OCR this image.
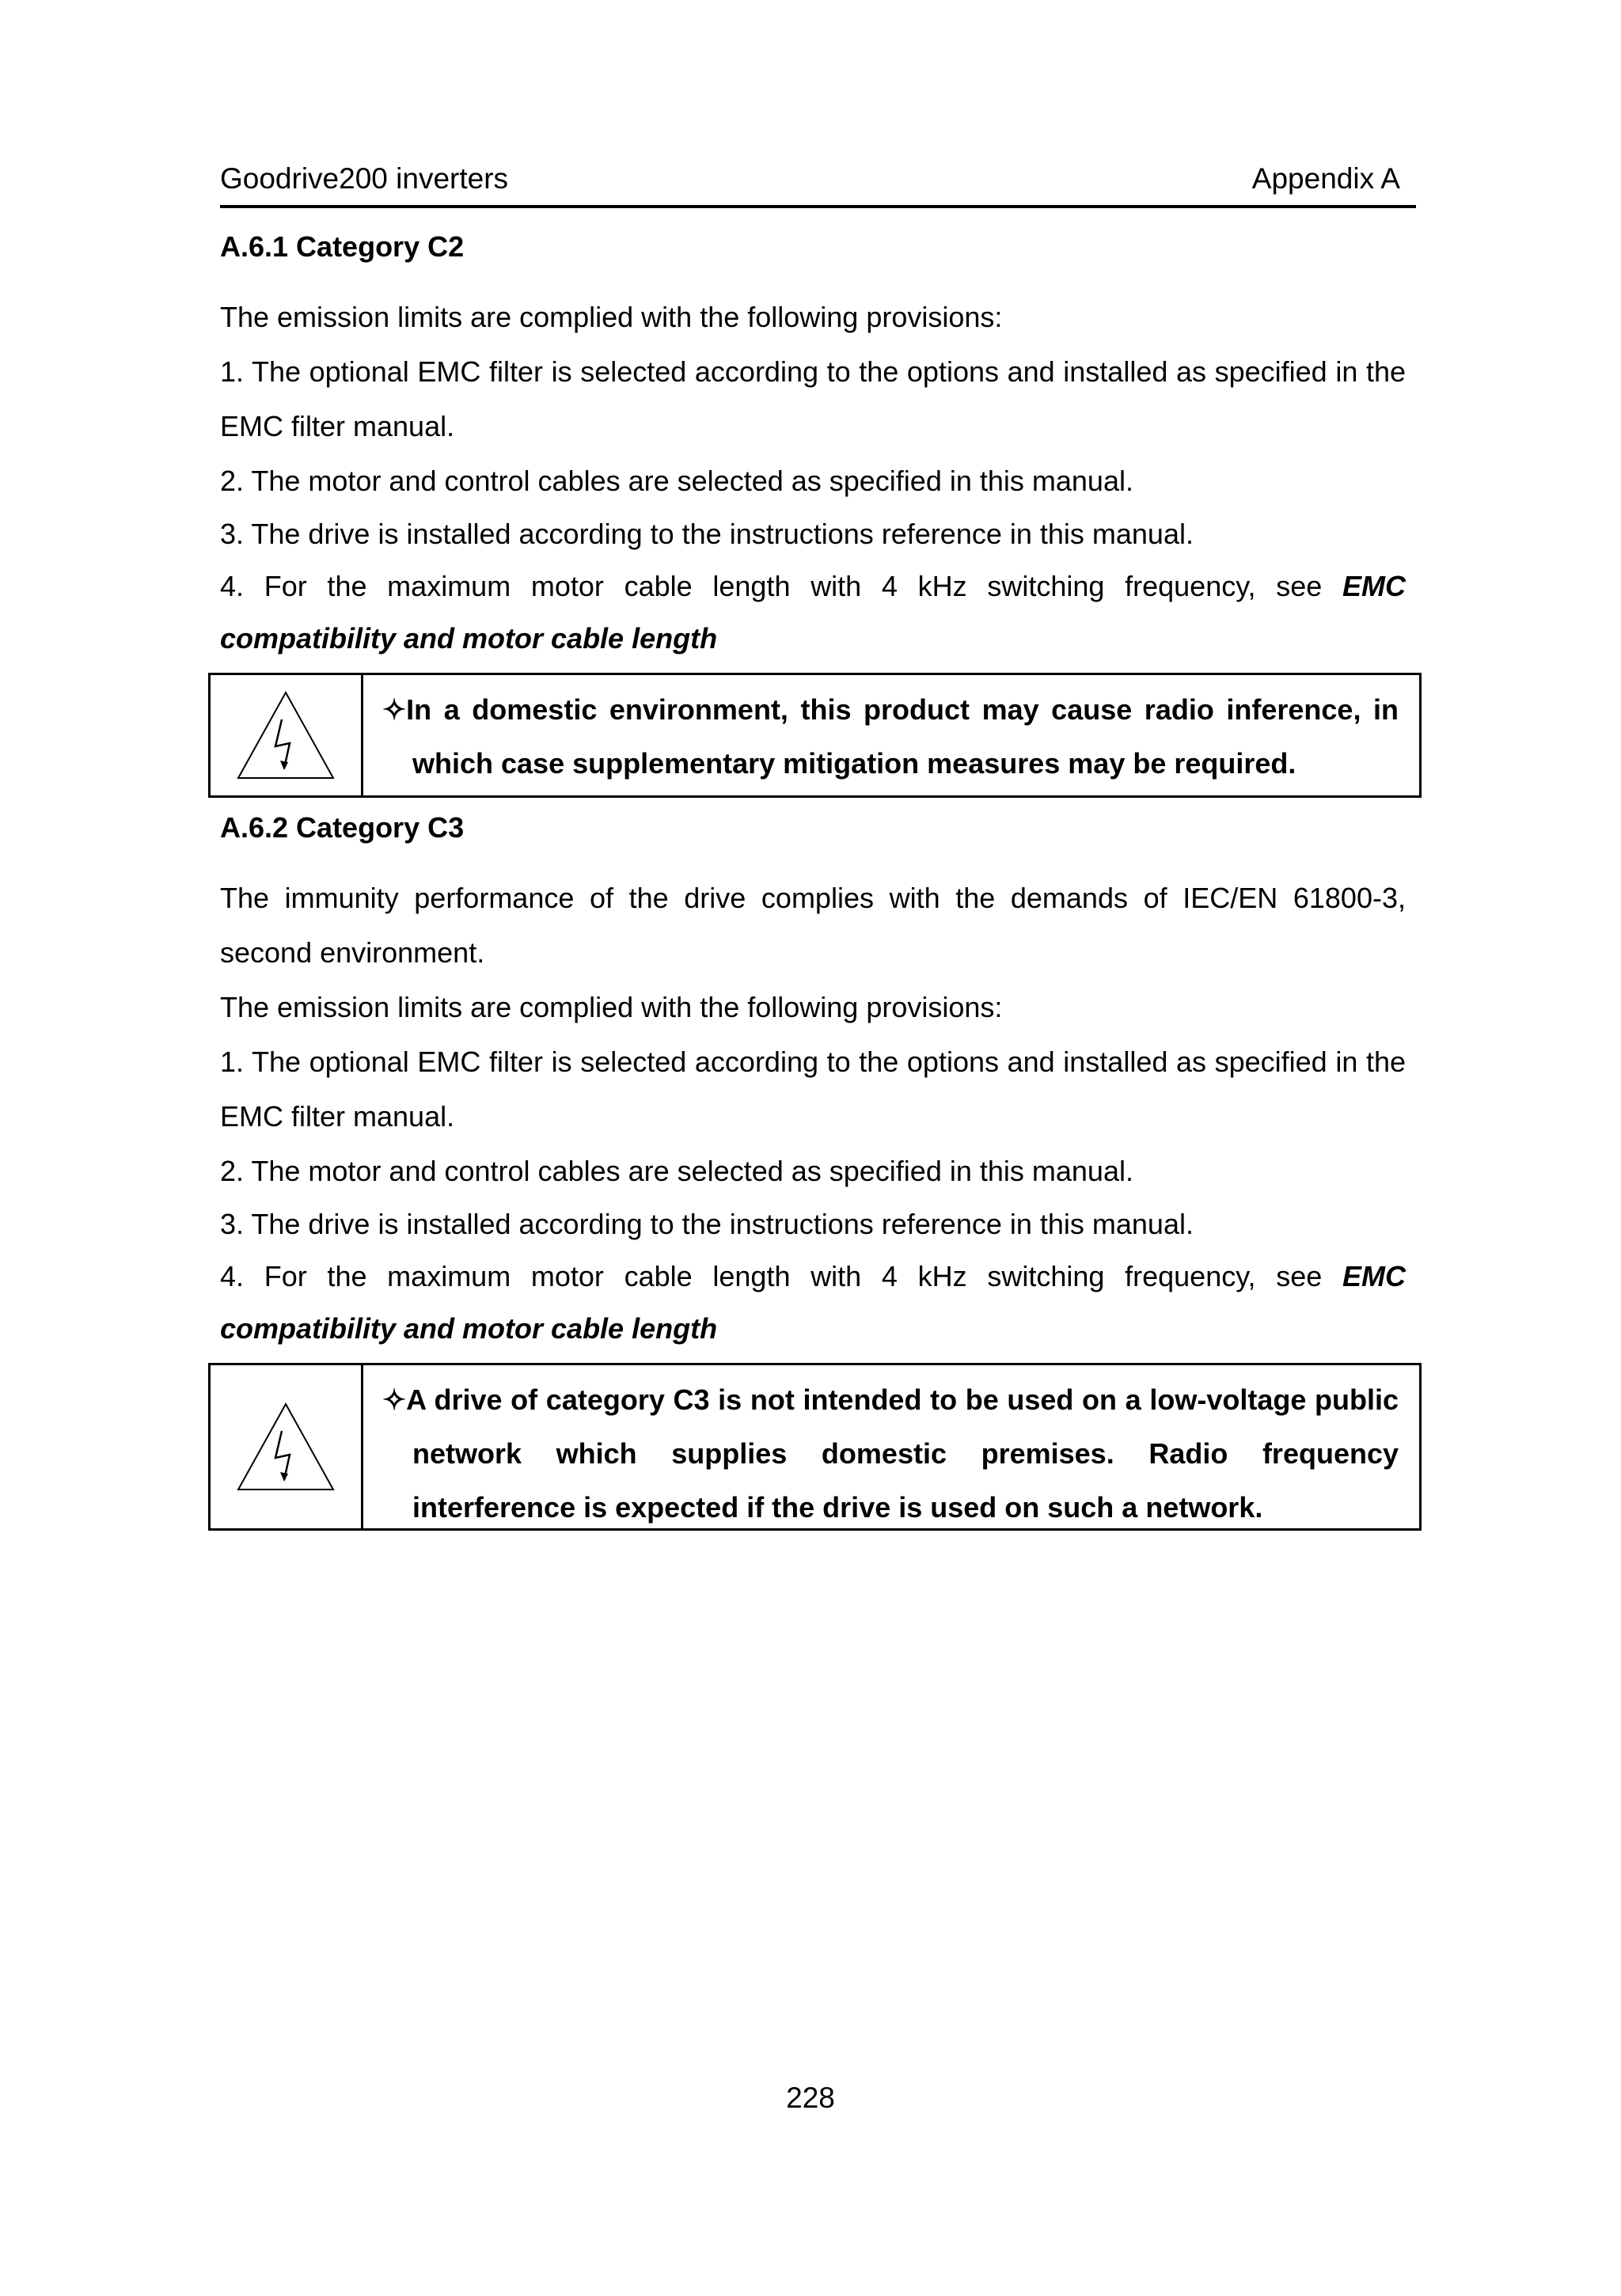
Goodrive200 inverters	Appendix A
A.6.1 Category C2

The emission limits are complied with the following provisions:

1. The optional EMC filter is selected according to the options and installed as specified in the EMC filter manual.

2. The motor and control cables are selected as specified in this manual.

3. The drive is installed according to the instructions reference in this manual.

4. For the maximum motor cable length with 4 kHz switching frequency, see EMC compatibility and motor cable length

✧In a domestic environment, this product may cause radio inference, in which case supplementary mitigation measures may be required.
A.6.2 Category C3

The immunity performance of the drive complies with the demands of IEC/EN 61800-3, second environment.

The emission limits are complied with the following provisions:

1. The optional EMC filter is selected according to the options and installed as specified in the EMC filter manual.

2. The motor and control cables are selected as specified in this manual.

3. The drive is installed according to the instructions reference in this manual.

4. For the maximum motor cable length with 4 kHz switching frequency, see EMC compatibility and motor cable length

✧A drive of category C3 is not intended to be used on a low-voltage public network which supplies domestic premises. Radio frequency interference is expected if the drive is used on such a network.
228
